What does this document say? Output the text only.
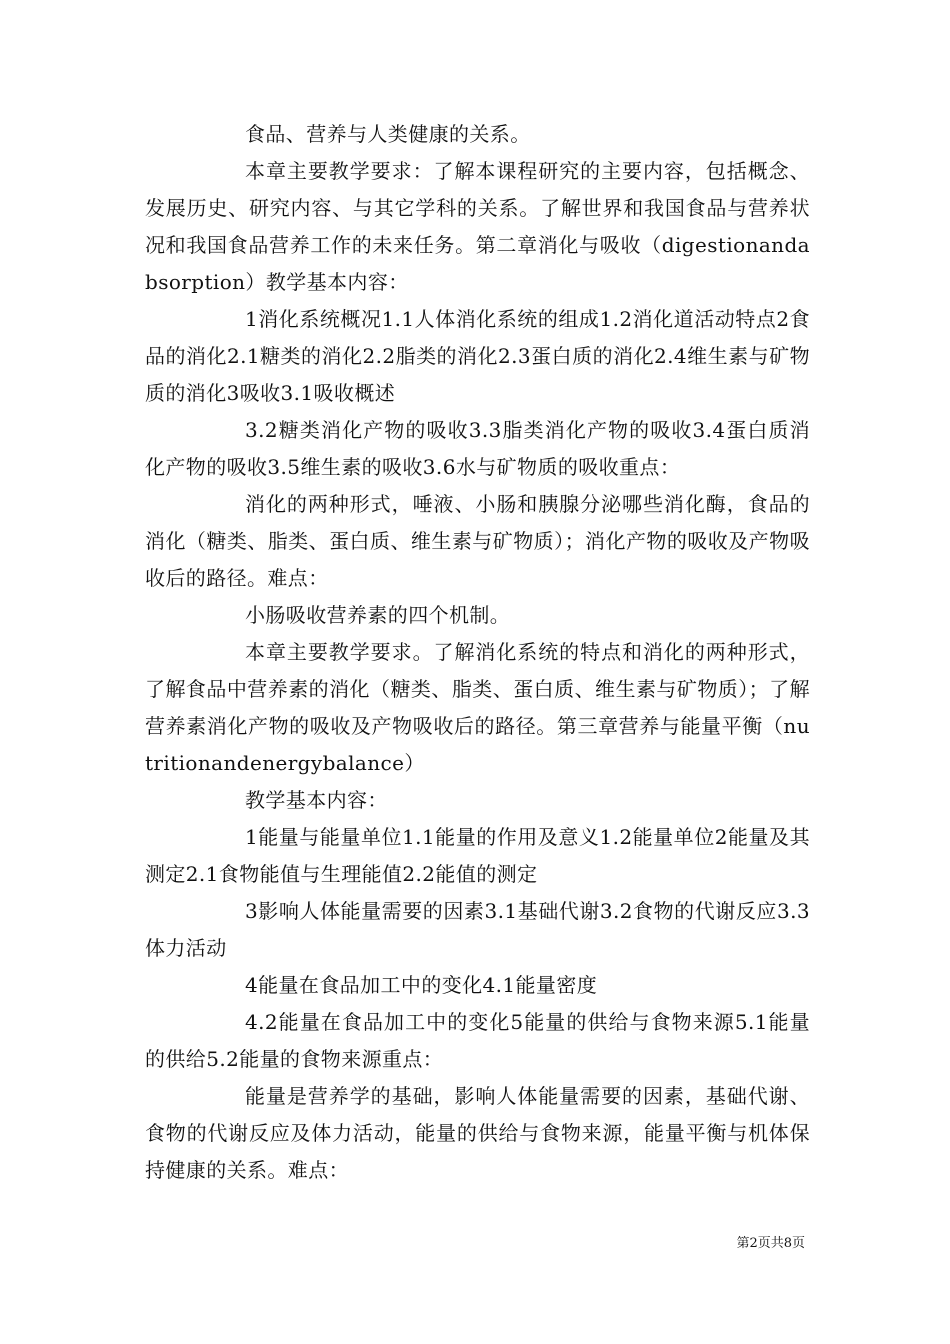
食品、营养与人类健康的关系。

本章主要教学要求：了解本课程研究的主要内容，包括概念、发展历史、研究内容、与其它学科的关系。了解世界和我国食品与营养状况和我国食品营养工作的未来任务。第二章消化与吸收（digestionandabsorption）教学基本内容：

1消化系统概况1.1人体消化系统的组成1.2消化道活动特点2食品的消化2.1糖类的消化2.2脂类的消化2.3蛋白质的消化2.4维生素与矿物质的消化3吸收3.1吸收概述

3.2糖类消化产物的吸收3.3脂类消化产物的吸收3.4蛋白质消化产物的吸收3.5维生素的吸收3.6水与矿物质的吸收重点：

消化的两种形式，唾液、小肠和胰腺分泌哪些消化酶，食品的消化（糖类、脂类、蛋白质、维生素与矿物质）；消化产物的吸收及产物吸收后的路径。难点：

小肠吸收营养素的四个机制。

本章主要教学要求。了解消化系统的特点和消化的两种形式，了解食品中营养素的消化（糖类、脂类、蛋白质、维生素与矿物质）；了解营养素消化产物的吸收及产物吸收后的路径。第三章营养与能量平衡（nutritionandenergybalance）

教学基本内容：

1能量与能量单位1.1能量的作用及意义1.2能量单位2能量及其测定2.1食物能值与生理能值2.2能值的测定

3影响人体能量需要的因素3.1基础代谢3.2食物的代谢反应3.3体力活动

4能量在食品加工中的变化4.1能量密度

4.2能量在食品加工中的变化5能量的供给与食物来源5.1能量的供给5.2能量的食物来源重点：

能量是营养学的基础，影响人体能量需要的因素，基础代谢、食物的代谢反应及体力活动，能量的供给与食物来源，能量平衡与机体保持健康的关系。难点：

第2页共8页
